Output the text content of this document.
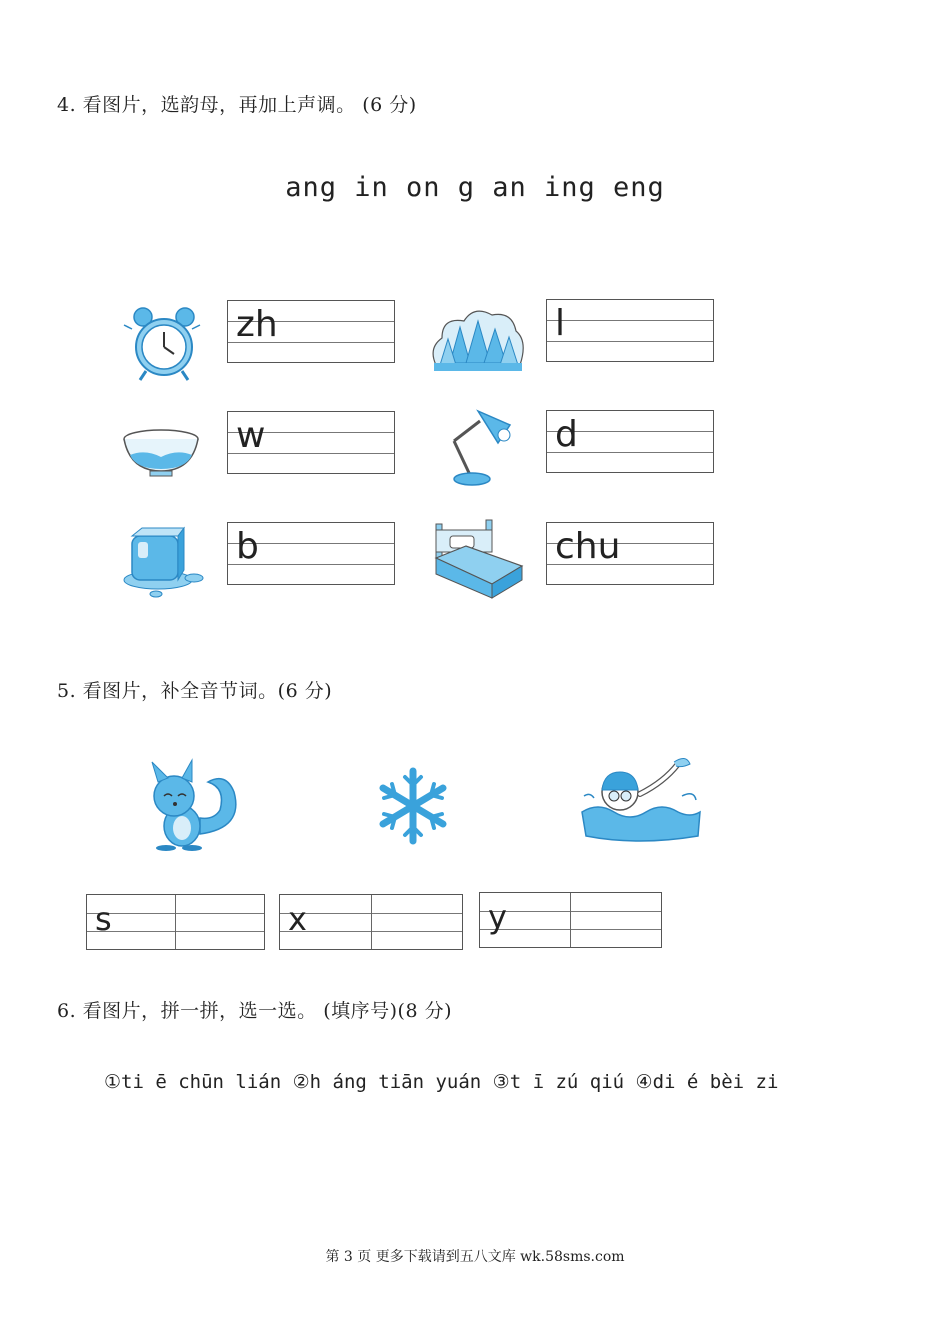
4. 看图片，选韵母，再加上声调。 (6 分)
ang in on g an ing eng
zh	l
w	d
b	chu
5. 看图片，补全音节词。(6 分)
s	x	y
6. 看图片，拼一拼，选一选。 (填序号)(8 分)
①ti ē chūn lián ②h áng tiān yuán ③t ī zú qiú ④di é bèi zi
第 3 页 更多下载请到五八文库 wk.58sms.com
